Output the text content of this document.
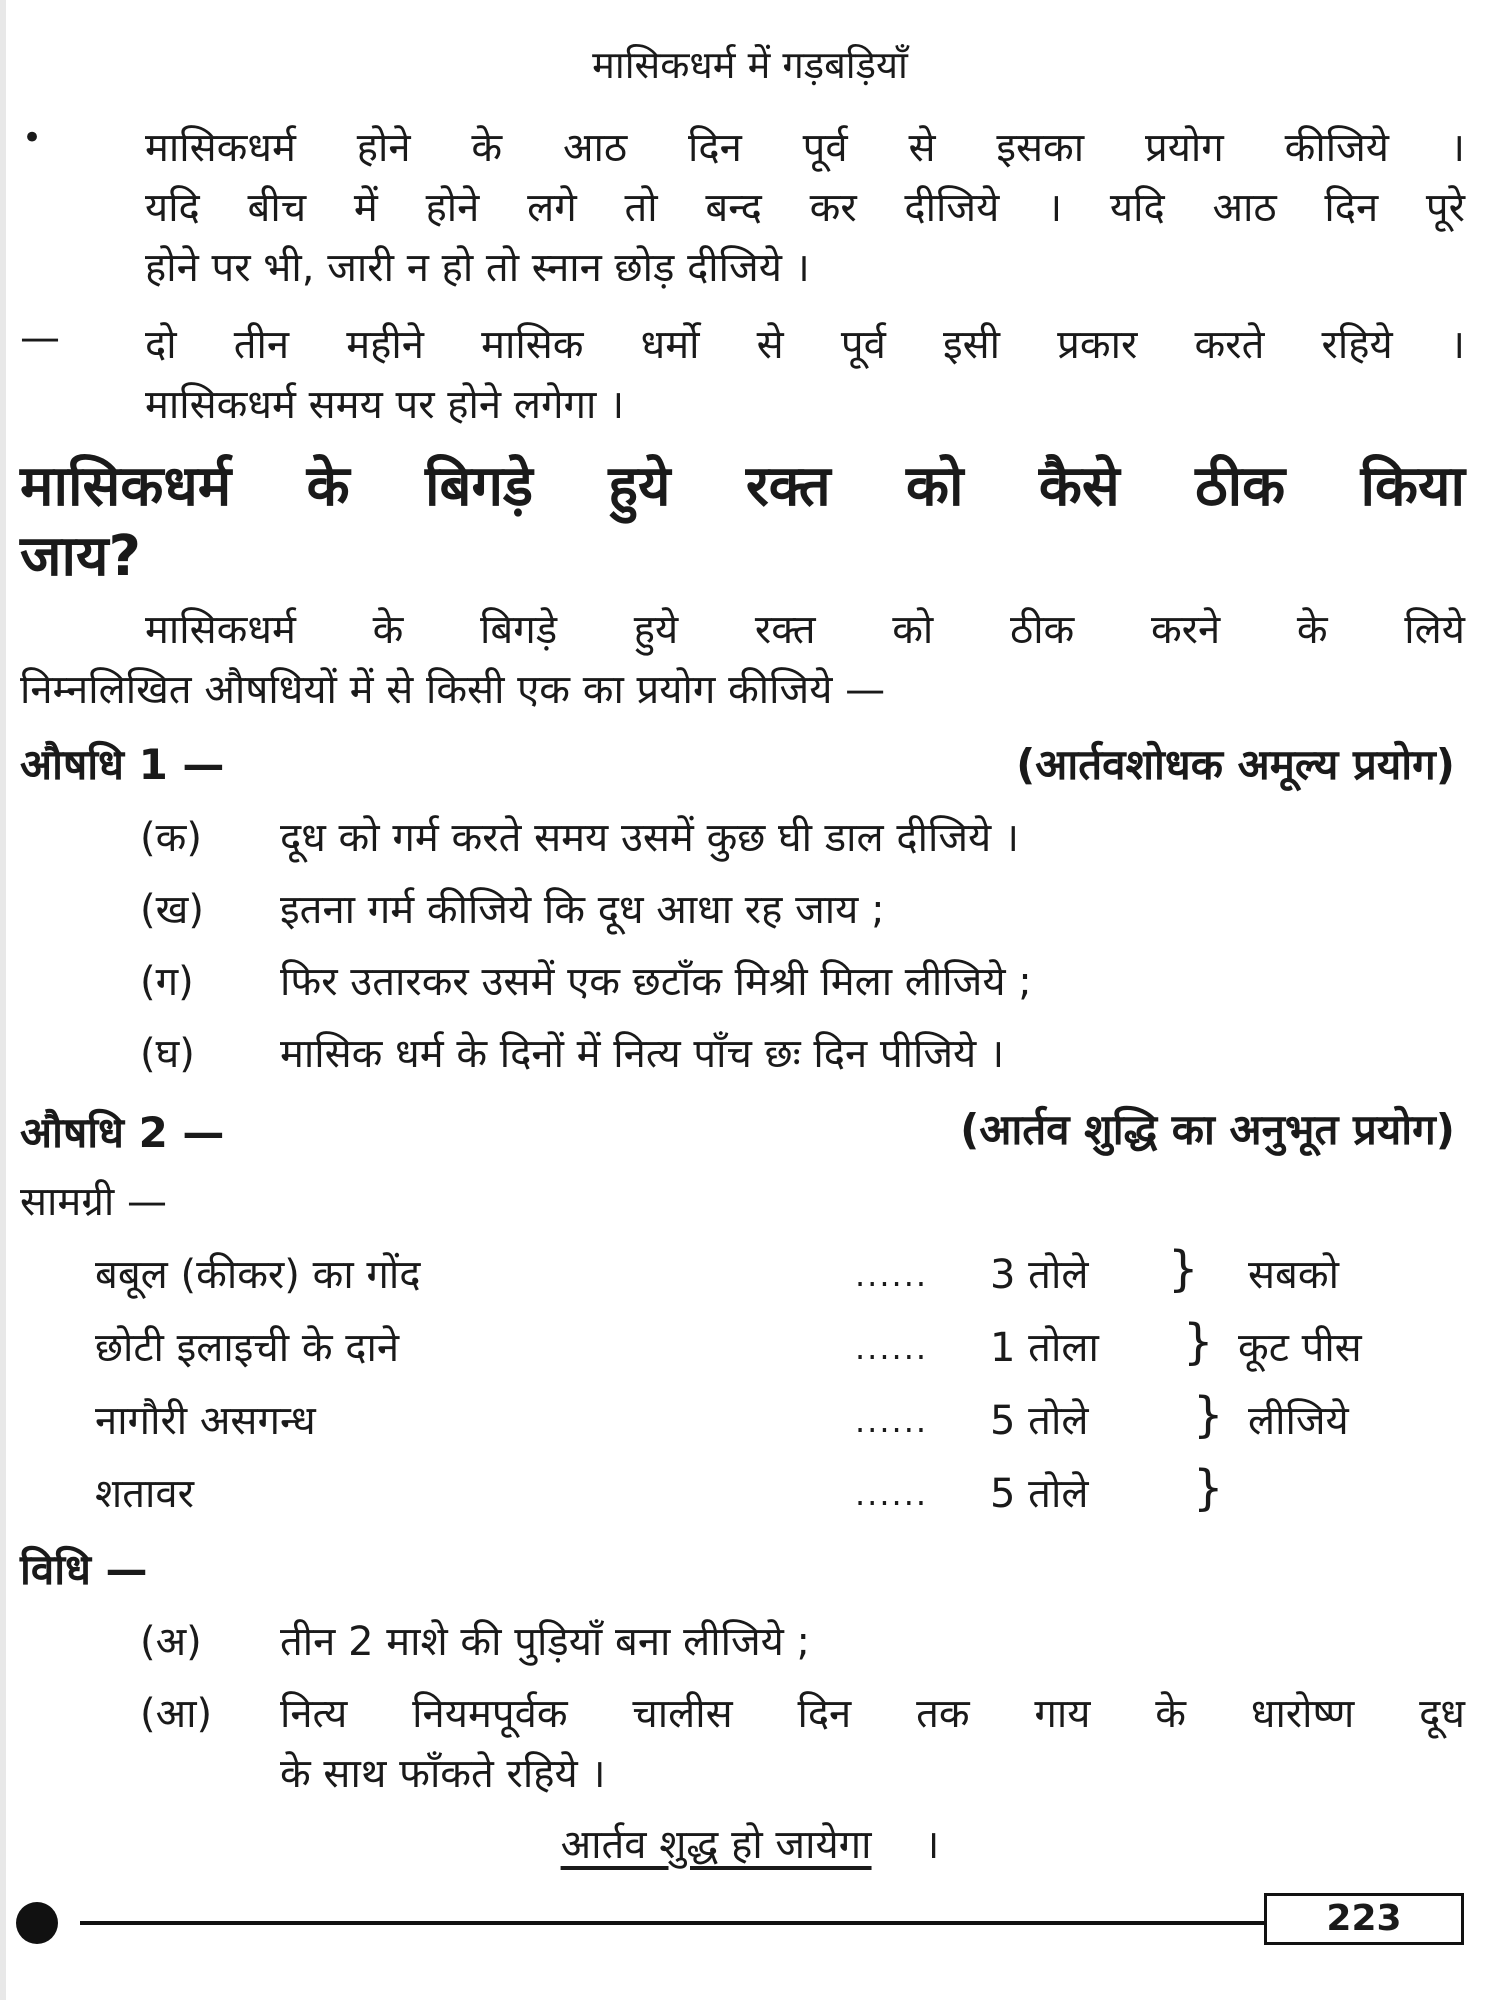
मासिकधर्म में गड़बड़ियाँ
•	मासिकधर्म होने के आठ दिन पूर्व से इसका प्रयोग कीजिये ।
यदि बीच में होने लगे तो बन्द कर दीजिये । यदि आठ दिन पूरे
होने पर भी, जारी न हो तो स्नान छोड़ दीजिये ।
— दो तीन महीने मासिक धर्मो से पूर्व इसी प्रकार करते रहिये ।
मासिकधर्म समय पर होने लगेगा ।
मासिकधर्म के बिगड़े हुये रक्त को कैसे ठीक किया
जाय?
मासिकधर्म के बिगड़े हुये रक्त को ठीक करने के लिये
निम्नलिखित औषधियों में से किसी एक का प्रयोग कीजिये —
औषधि 1 —	(आर्तवशोधक अमूल्य प्रयोग)
(क) दूध को गर्म करते समय उसमें कुछ घी डाल दीजिये ।
(ख) इतना गर्म कीजिये कि दूध आधा रह जाय ;
(ग) फिर उतारकर उसमें एक छटाँक मिश्री मिला लीजिये ;
(घ) मासिक धर्म के दिनों में नित्य पाँच छः दिन पीजिये ।
औषधि 2 —	(आर्तव शुद्धि का अनुभूत प्रयोग)
सामग्री —
बबूल (कीकर) का गोंद	...... 3 तोले } सबको
छोटी इलाइची के दाने	...... 1 तोला } कूट पीस
नागौरी असगन्ध	...... 5 तोले } लीजिये
शतावर	...... 5 तोले }
विधि —
(अ) तीन 2 माशे की पुड़ियाँ बना लीजिये ;
(आ) नित्य नियमपूर्वक चालीस दिन तक गाय के धारोष्ण दूध
के साथ फाँकते रहिये ।
आर्तव शुद्ध हो जायेगा ।
223
